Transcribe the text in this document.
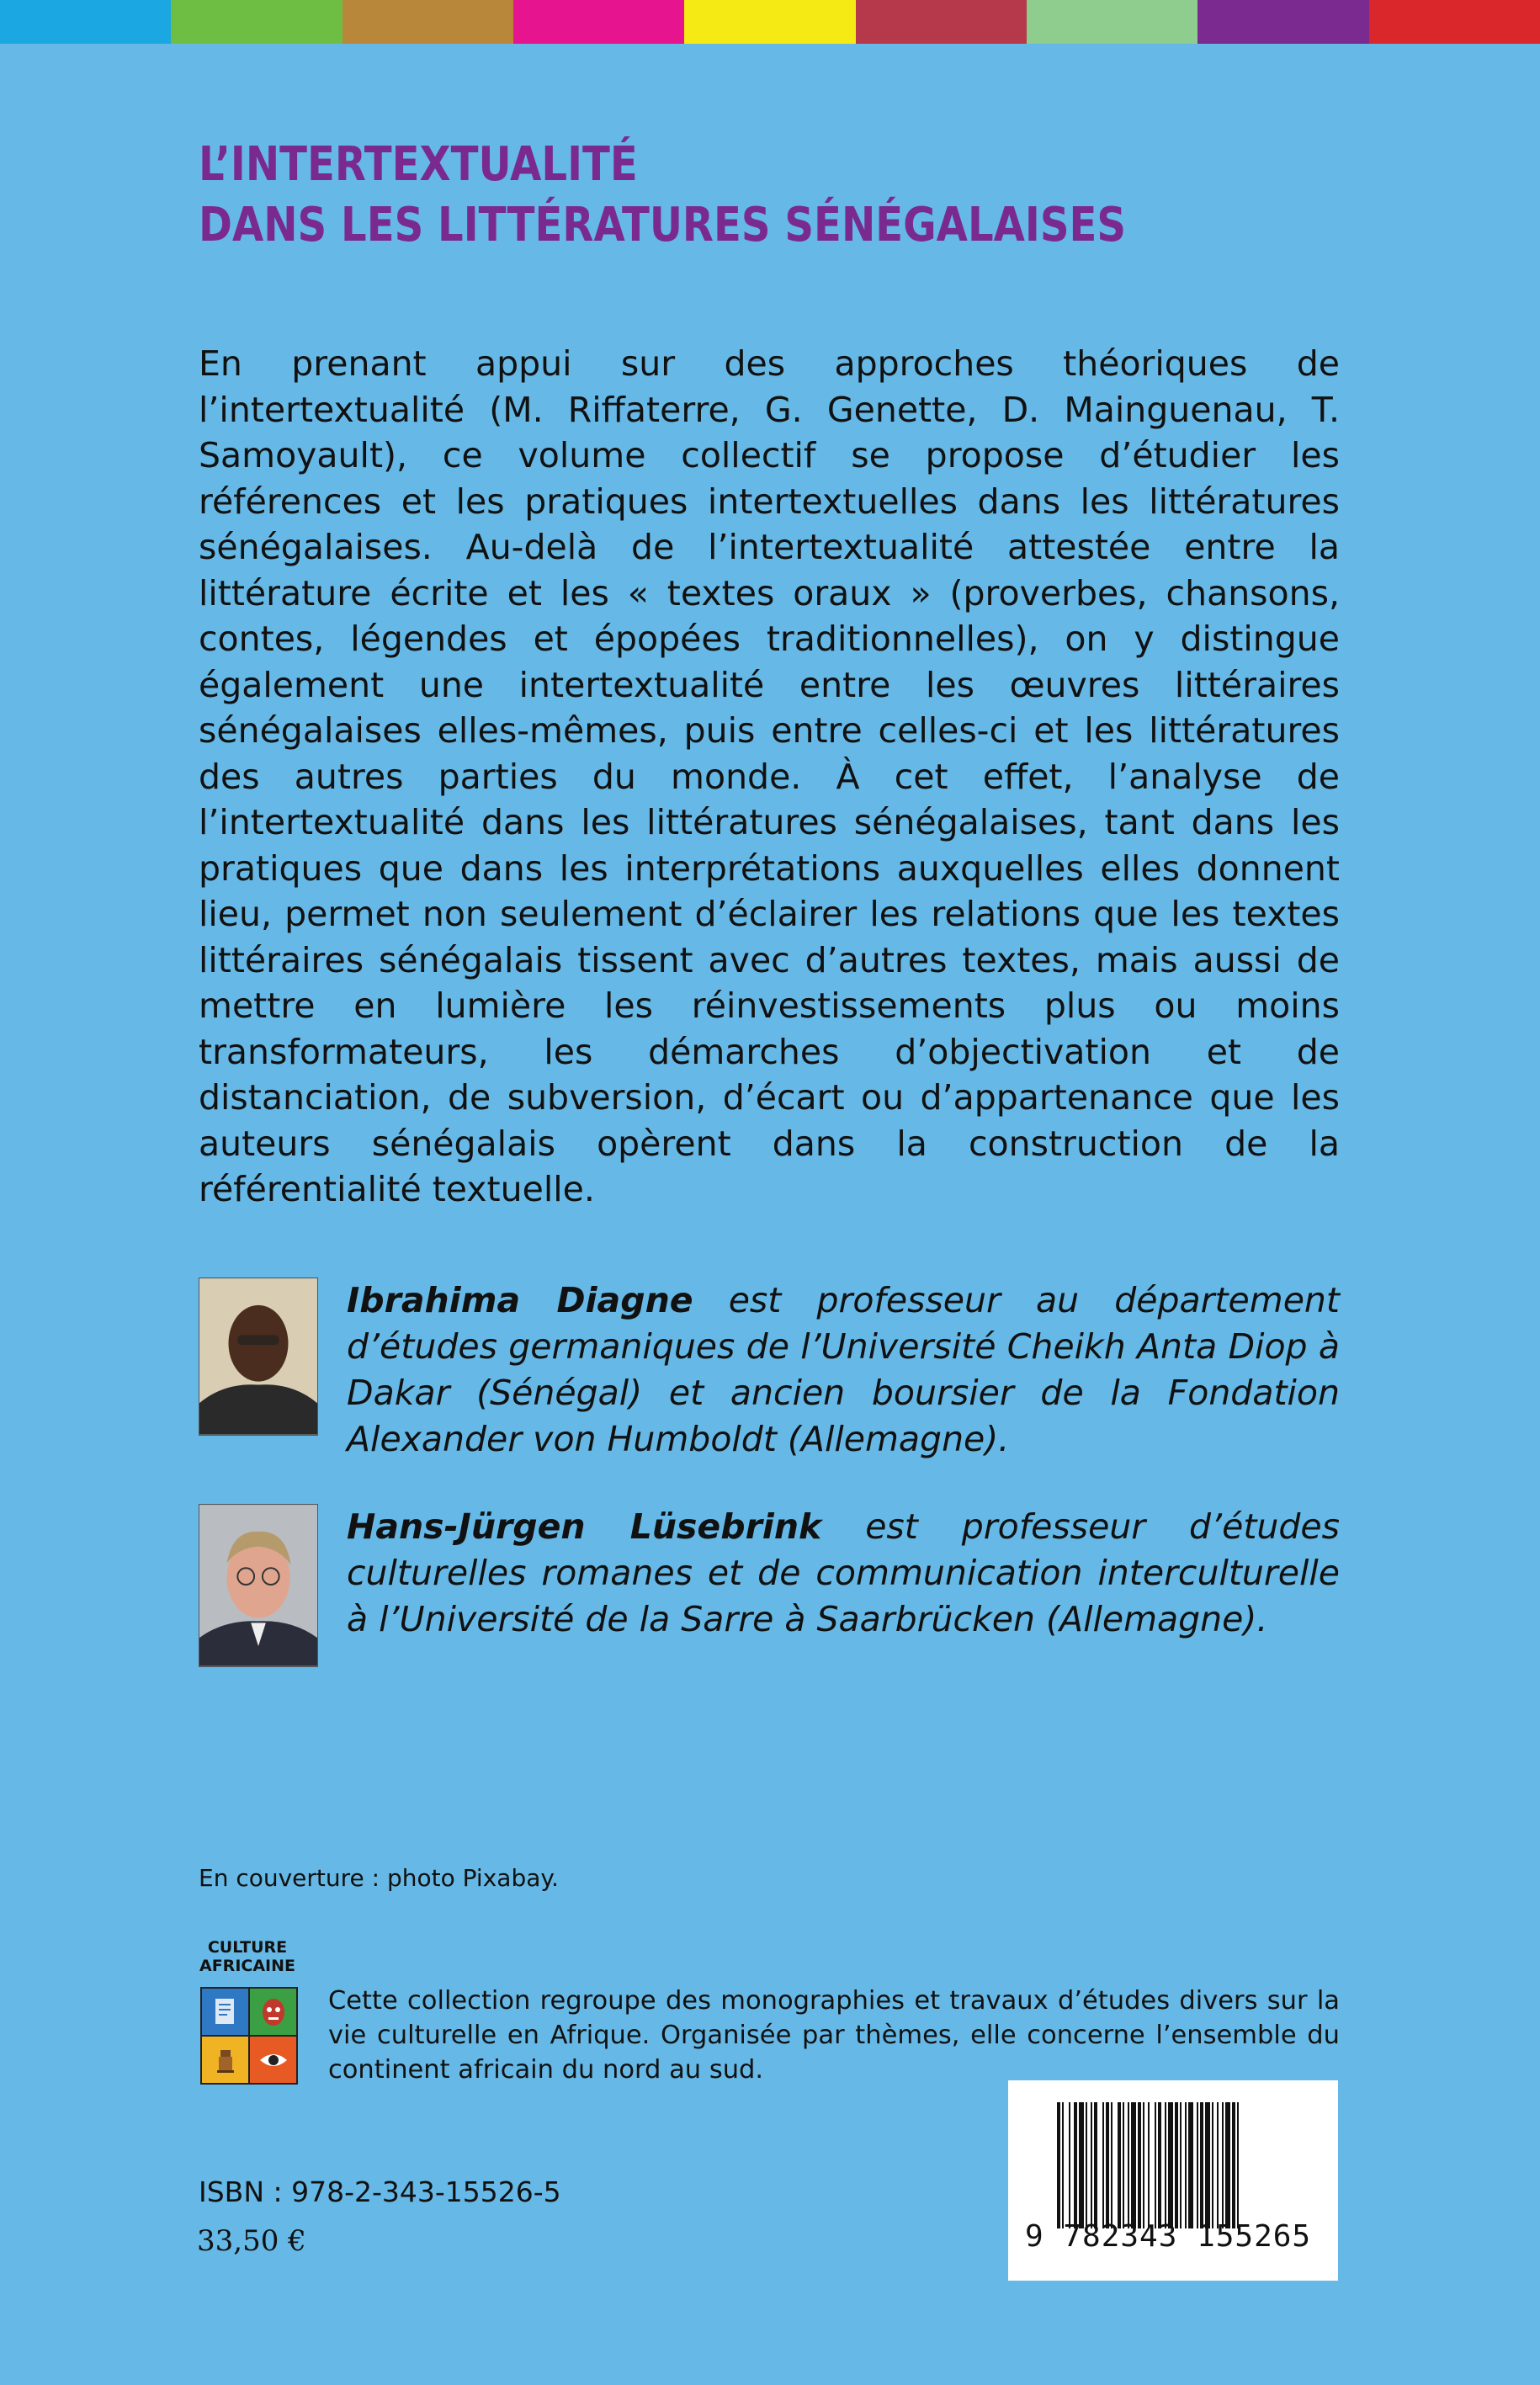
L’INTERTEXTUALITÉ
DANS LES LITTÉRATURES SÉNÉGALAISES

En prenant appui sur des approches théoriques de l’intertextualité (M. Riffaterre, G. Genette, D. Mainguenau, T. Samoyault), ce volume collectif se propose d’étudier les références et les pratiques intertextuelles dans les littératures sénégalaises. Au-delà de l’intertextualité attestée entre la littérature écrite et les « textes oraux » (proverbes, chansons, contes, légendes et épopées traditionnelles), on y distingue également une intertextualité entre les œuvres littéraires sénégalaises elles-mêmes, puis entre celles-ci et les littératures des autres parties du monde. À cet effet, l’analyse de l’intertextualité dans les littératures sénégalaises, tant dans les pratiques que dans les interprétations auxquelles elles donnent lieu, permet non seulement d’éclairer les relations que les textes littéraires sénégalais tissent avec d’autres textes, mais aussi de mettre en lumière les réinvestissements plus ou moins transformateurs, les démarches d’objectivation et de distanciation, de subversion, d’écart ou d’appartenance que les auteurs sénégalais opèrent dans la construction de la référentialité textuelle.

Ibrahima Diagne est professeur au département d’études germaniques de l’Université Cheikh Anta Diop à Dakar (Sénégal) et ancien boursier de la Fondation Alexander von Humboldt (Allemagne).

Hans-Jürgen Lüsebrink est professeur d’études culturelles romanes et de communication interculturelle à l’Université de la Sarre à Saarbrücken (Allemagne).

En couverture : photo Pixabay.
CULTURE
AFRICAINE

Cette collection regroupe des monographies et travaux d’études divers sur la vie culturelle en Afrique. Organisée par thèmes, elle concerne l’ensemble du continent africain du nord au sud.

9 782343 155265
ISBN : 978-2-343-15526-5
33,50 €
